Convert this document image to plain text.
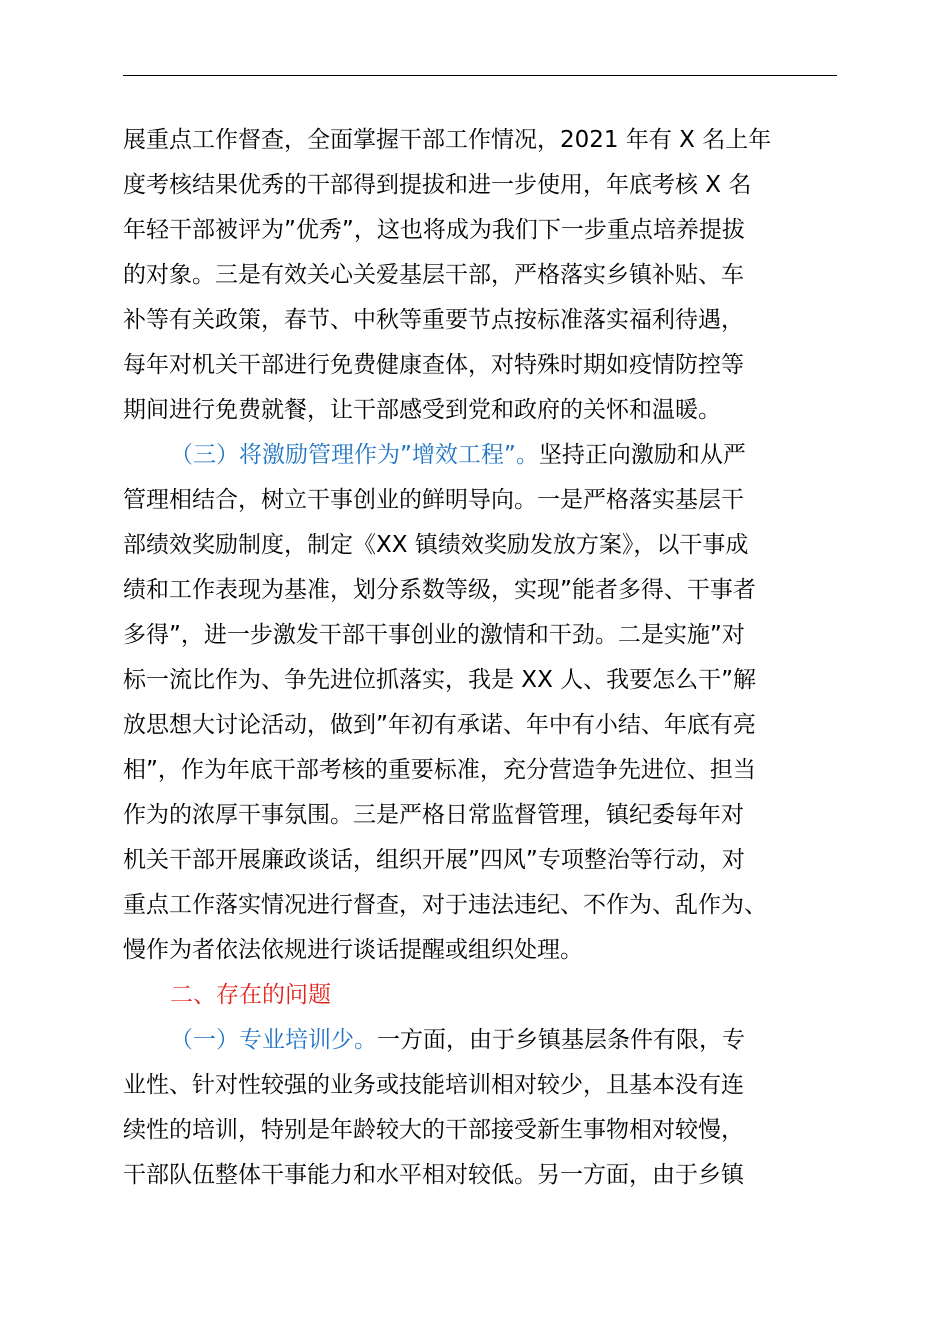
展重点工作督查，全面掌握干部工作情况，2021 年有 X 名上年
度考核结果优秀的干部得到提拔和进一步使用，年底考核 X 名
年轻干部被评为”优秀”，这也将成为我们下一步重点培养提拔
的对象。三是有效关心关爱基层干部，严格落实乡镇补贴、车
补等有关政策，春节、中秋等重要节点按标准落实福利待遇，
每年对机关干部进行免费健康查体，对特殊时期如疫情防控等
期间进行免费就餐，让干部感受到党和政府的关怀和温暖。
（三）将激励管理作为”增效工程”。坚持正向激励和从严
管理相结合，树立干事创业的鲜明导向。一是严格落实基层干
部绩效奖励制度，制定《XX 镇绩效奖励发放方案》，以干事成
绩和工作表现为基准，划分系数等级，实现”能者多得、干事者
多得”，进一步激发干部干事创业的激情和干劲。二是实施”对
标一流比作为、争先进位抓落实，我是 XX 人、我要怎么干”解
放思想大讨论活动，做到”年初有承诺、年中有小结、年底有亮
相”，作为年底干部考核的重要标准，充分营造争先进位、担当
作为的浓厚干事氛围。三是严格日常监督管理，镇纪委每年对
机关干部开展廉政谈话，组织开展”四风”专项整治等行动，对
重点工作落实情况进行督查，对于违法违纪、不作为、乱作为、
慢作为者依法依规进行谈话提醒或组织处理。
二、存在的问题
（一）专业培训少。一方面，由于乡镇基层条件有限，专
业性、针对性较强的业务或技能培训相对较少，且基本没有连
续性的培训，特别是年龄较大的干部接受新生事物相对较慢，
干部队伍整体干事能力和水平相对较低。另一方面，由于乡镇
